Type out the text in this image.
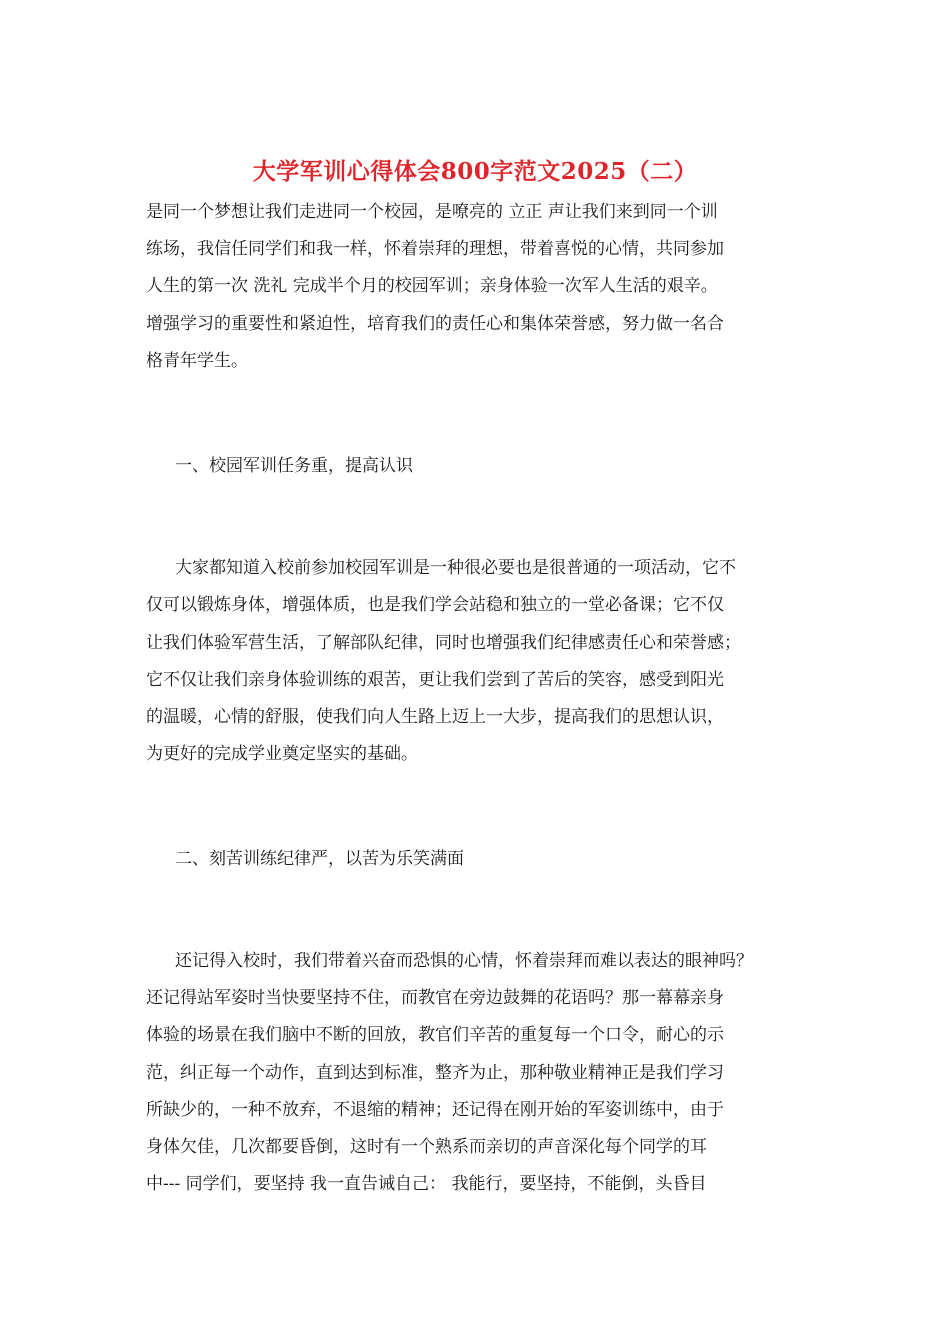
大学军训心得体会800字范文2025（二）
是同一个梦想让我们走进同一个校园，是嘹亮的 立正 声让我们来到同一个训
练场，我信任同学们和我一样，怀着崇拜的理想，带着喜悦的心情，共同参加
人生的第一次 洗礼 完成半个月的校园军训；亲身体验一次军人生活的艰辛。
增强学习的重要性和紧迫性，培育我们的责任心和集体荣誉感，努力做一名合
格青年学生。
一、校园军训任务重，提高认识
大家都知道入校前参加校园军训是一种很必要也是很普通的一项活动，它不
仅可以锻炼身体，增强体质，也是我们学会站稳和独立的一堂必备课；它不仅
让我们体验军营生活，了解部队纪律，同时也增强我们纪律感责任心和荣誉感；
它不仅让我们亲身体验训练的艰苦，更让我们尝到了苦后的笑容，感受到阳光
的温暖，心情的舒服，使我们向人生路上迈上一大步，提高我们的思想认识，
为更好的完成学业奠定坚实的基础。
二、刻苦训练纪律严，以苦为乐笑满面
还记得入校时，我们带着兴奋而恐惧的心情，怀着崇拜而难以表达的眼神吗？
还记得站军姿时当快要坚持不住，而教官在旁边鼓舞的花语吗？那一幕幕亲身
体验的场景在我们脑中不断的回放，教官们辛苦的重复每一个口令，耐心的示
范，纠正每一个动作，直到达到标准，整齐为止，那种敬业精神正是我们学习
所缺少的，一种不放弃，不退缩的精神；还记得在刚开始的军姿训练中，由于
身体欠佳，几次都要昏倒，这时有一个熟系而亲切的声音深化每个同学的耳
中--- 同学们，要坚持 我一直告诫自己： 我能行，要坚持，不能倒，头昏目
